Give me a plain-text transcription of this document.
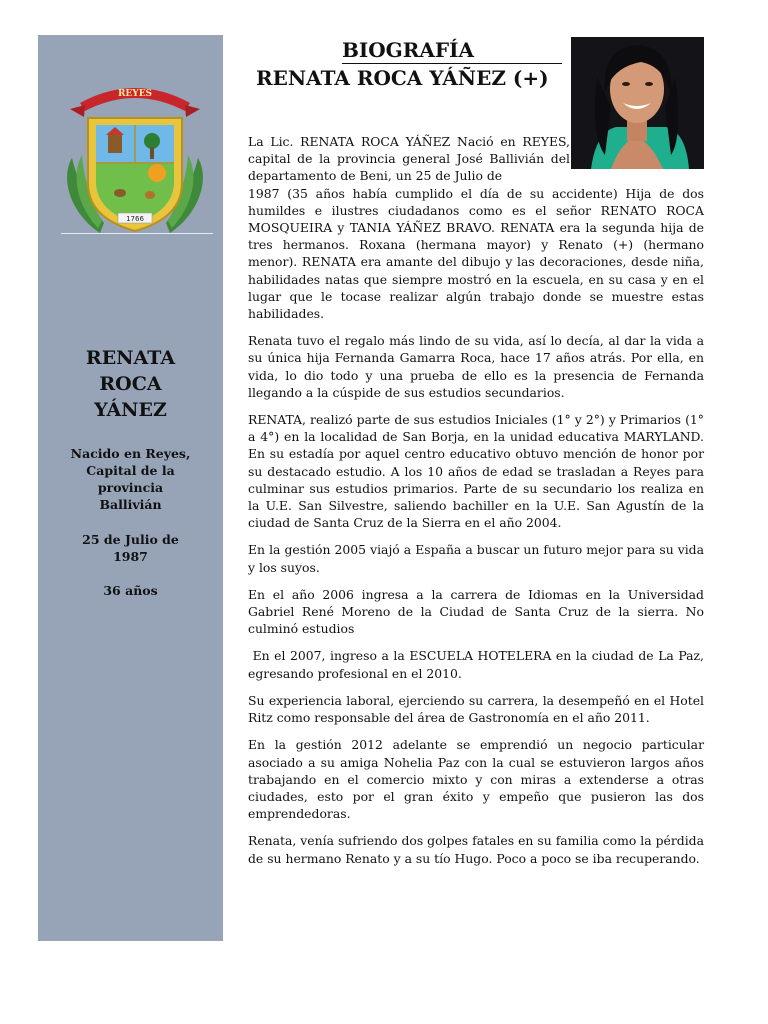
REYES
1766
RENATA
ROCA
YÁNEZ
Nacido en Reyes,
Capital de la
provincia
Ballivián
25 de Julio de
1987
36 años
BIOGRAFÍA
RENATA ROCA YÁÑEZ (+)

La Lic. RENATA ROCA YÁÑEZ Nació en REYES, capital de la provincia general José Ballivián del departamento de Beni, un 25 de Julio de

1987 (35 años había cumplido el día de su accidente) Hija de dos humildes e ilustres ciudadanos como es el señor RENATO ROCA MOSQUEIRA y TANIA YÁÑEZ BRAVO. RENATA era la segunda hija de tres hermanos. Roxana (hermana mayor) y Renato (+) (hermano menor). RENATA era amante del dibujo y las decoraciones, desde niña, habilidades natas que siempre mostró en la escuela, en su casa y en el lugar que le tocase realizar algún trabajo donde se muestre estas habilidades.

Renata tuvo el regalo más lindo de su vida, así lo decía, al dar la vida a su única hija Fernanda Gamarra Roca, hace 17 años atrás. Por ella, en vida, lo dio todo y una prueba de ello es la presencia de Fernanda llegando a la cúspide de sus estudios secundarios.

RENATA, realizó parte de sus estudios Iniciales (1° y 2°) y Primarios (1° a 4°) en la localidad de San Borja, en la unidad educativa MARYLAND. En su estadía por aquel centro educativo obtuvo mención de honor por su destacado estudio. A los 10 años de edad se trasladan a Reyes para culminar sus estudios primarios. Parte de su secundario los realiza en la U.E. San Silvestre, saliendo bachiller en la U.E. San Agustín de la ciudad de Santa Cruz de la Sierra en el año 2004.

En la gestión 2005 viajó a España a buscar un futuro mejor para su vida y los suyos.

En el año 2006 ingresa a la carrera de Idiomas en la Universidad Gabriel René Moreno de la Ciudad de Santa Cruz de la sierra. No culminó estudios

En el 2007, ingreso a la ESCUELA HOTELERA en la ciudad de La Paz, egresando profesional en el 2010.

Su experiencia laboral, ejerciendo su carrera, la desempeñó en el Hotel Ritz como responsable del área de Gastronomía en el año 2011.

En la gestión 2012 adelante se emprendió un negocio particular asociado a su amiga Nohelia Paz con la cual se estuvieron largos años trabajando en el comercio mixto y con miras a extenderse a otras ciudades, esto por el gran éxito y empeño que pusieron las dos emprendedoras.

Renata, venía sufriendo dos golpes fatales en su familia como la pérdida de su hermano Renato y a su tío Hugo. Poco a poco se iba recuperando.
